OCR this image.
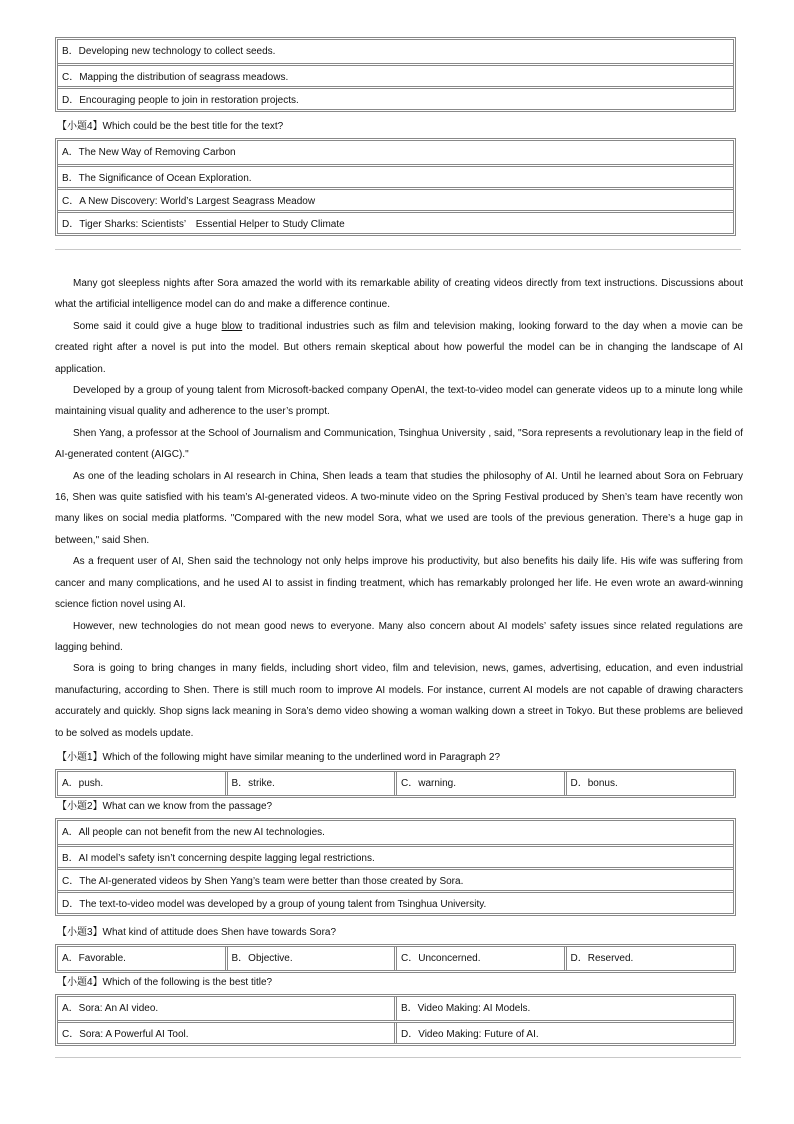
B．Developing new technology to collect seeds.
C．Mapping the distribution of seagrass meadows.
D．Encouraging people to join in restoration projects.
【小题4】Which could be the best title for the text?
A．The New Way of Removing Carbon
B．The Significance of Ocean Exploration.
C．A New Discovery: World’s Largest Seagrass Meadow
D．Tiger Sharks: Scientists’　Essential Helper to Study Climate
Many got sleepless nights after Sora amazed the world with its remarkable ability of creating videos directly from text instructions. Discussions about what the artificial intelligence model can do and make a difference continue.
Some said it could give a huge blow to traditional industries such as film and television making, looking forward to the day when a movie can be created right after a novel is put into the model. But others remain skeptical about how powerful the model can be in changing the landscape of AI application.
Developed by a group of young talent from Microsoft-backed company OpenAI, the text-to-video model can generate videos up to a minute long while maintaining visual quality and adherence to the user’s prompt.
Shen Yang, a professor at the School of Journalism and Communication, Tsinghua University , said, "Sora represents a revolutionary leap in the field of AI-generated content (AIGC)."
As one of the leading scholars in AI research in China, Shen leads a team that studies the philosophy of AI. Until he learned about Sora on February 16, Shen was quite satisfied with his team’s AI-generated videos. A two-minute video on the Spring Festival produced by Shen’s team have recently won many likes on social media platforms. "Compared with the new model Sora, what we used are tools of the previous generation. There’s a huge gap in between," said Shen.
As a frequent user of AI, Shen said the technology not only helps improve his productivity, but also benefits his daily life. His wife was suffering from cancer and many complications, and he used AI to assist in finding treatment, which has remarkably prolonged her life. He even wrote an award-winning science fiction novel using AI.
However, new technologies do not mean good news to everyone. Many also concern about AI models’ safety issues since related regulations are lagging behind.
Sora is going to bring changes in many fields, including short video, film and television, news, games, advertising, education, and even industrial manufacturing, according to Shen. There is still much room to improve AI models. For instance, current AI models are not capable of drawing characters accurately and quickly. Shop signs lack meaning in Sora’s demo video showing a woman walking down a street in Tokyo. But these problems are believed to be solved as models update.
【小题1】Which of the following might have similar meaning to the underlined word in Paragraph 2?
A．push.	B．strike.	C．warning.	D．bonus.
【小题2】What can we know from the passage?
A．All people can not benefit from the new AI technologies.
B．AI model’s safety isn’t concerning despite lagging legal restrictions.
C．The AI-generated videos by Shen Yang’s team were better than those created by Sora.
D．The text-to-video model was developed by a group of young talent from Tsinghua University.
【小题3】What kind of attitude does Shen have towards Sora?
A．Favorable.	B．Objective.	C．Unconcerned.	D．Reserved.
【小题4】Which of the following is the best title?
A．Sora: An AI video.	B．Video Making: AI Models.
C．Sora: A Powerful AI Tool.	D．Video Making: Future of AI.
